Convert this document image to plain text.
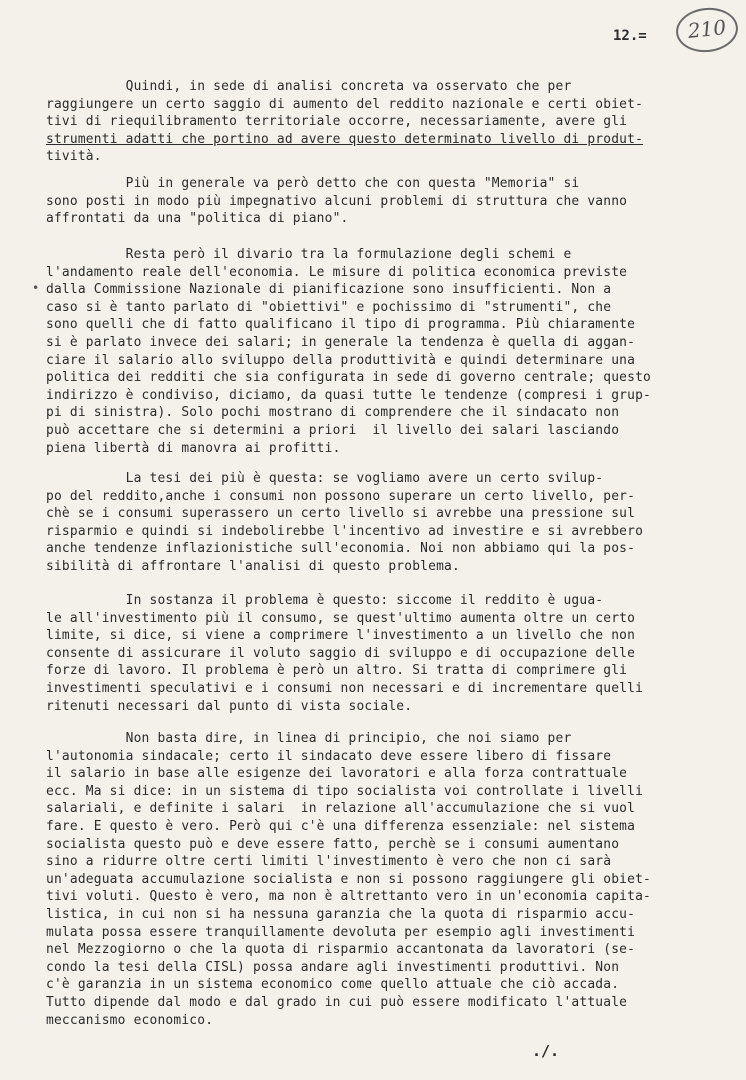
12.=	210
•
Quindi, in sede di analisi concreta va osservato che per
raggiungere un certo saggio di aumento del reddito nazionale e certi obiet-
tivi di riequilibramento territoriale occorre, necessariamente, avere gli
strumenti adatti che portino ad avere questo determinato livello di produt-
tività.
Più in generale va però detto che con questa "Memoria" si
sono posti in modo più impegnativo alcuni problemi di struttura che vanno
affrontati da una "politica di piano".
Resta però il divario tra la formulazione degli schemi e
l'andamento reale dell'economia. Le misure di politica economica previste
dalla Commissione Nazionale di pianificazione sono insufficienti. Non a
caso si è tanto parlato di "obiettivi" e pochissimo di "strumenti", che
sono quelli che di fatto qualificano il tipo di programma. Più chiaramente
si è parlato invece dei salari; in generale la tendenza è quella di aggan-
ciare il salario allo sviluppo della produttività e quindi determinare una
politica dei redditi che sia configurata in sede di governo centrale; questo
indirizzo è condiviso, diciamo, da quasi tutte le tendenze (compresi i grup-
pi di sinistra). Solo pochi mostrano di comprendere che il sindacato non
può accettare che si determini a priori  il livello dei salari lasciando
piena libertà di manovra ai profitti.
La tesi dei più è questa: se vogliamo avere un certo svilup-
po del reddito,anche i consumi non possono superare un certo livello, per-
chè se i consumi superassero un certo livello si avrebbe una pressione sul
risparmio e quindi si indebolirebbe l'incentivo ad investire e si avrebbero
anche tendenze inflazionistiche sull'economia. Noi non abbiamo qui la pos-
sibilità di affrontare l'analisi di questo problema.
In sostanza il problema è questo: siccome il reddito è ugua-
le all'investimento più il consumo, se quest'ultimo aumenta oltre un certo
limite, si dice, si viene a comprimere l'investimento a un livello che non
consente di assicurare il voluto saggio di sviluppo e di occupazione delle
forze di lavoro. Il problema è però un altro. Si tratta di comprimere gli
investimenti speculativi e i consumi non necessari e di incrementare quelli
ritenuti necessari dal punto di vista sociale.
Non basta dire, in linea di principio, che noi siamo per
l'autonomia sindacale; certo il sindacato deve essere libero di fissare
il salario in base alle esigenze dei lavoratori e alla forza contrattuale
ecc. Ma si dice: in un sistema di tipo socialista voi controllate i livelli
salariali, e definite i salari  in relazione all'accumulazione che si vuol
fare. E questo è vero. Però qui c'è una differenza essenziale: nel sistema
socialista questo può e deve essere fatto, perchè se i consumi aumentano
sino a ridurre oltre certi limiti l'investimento è vero che non ci sarà
un'adeguata accumulazione socialista e non si possono raggiungere gli obiet-
tivi voluti. Questo è vero, ma non è altrettanto vero in un'economia capita-
listica, in cui non si ha nessuna garanzia che la quota di risparmio accu-
mulata possa essere tranquillamente devoluta per esempio agli investimenti
nel Mezzogiorno o che la quota di risparmio accantonata da lavoratori (se-
condo la tesi della CISL) possa andare agli investimenti produttivi. Non
c'è garanzia in un sistema economico come quello attuale che ciò accada.
Tutto dipende dal modo e dal grado in cui può essere modificato l'attuale
meccanismo economico.
./.
